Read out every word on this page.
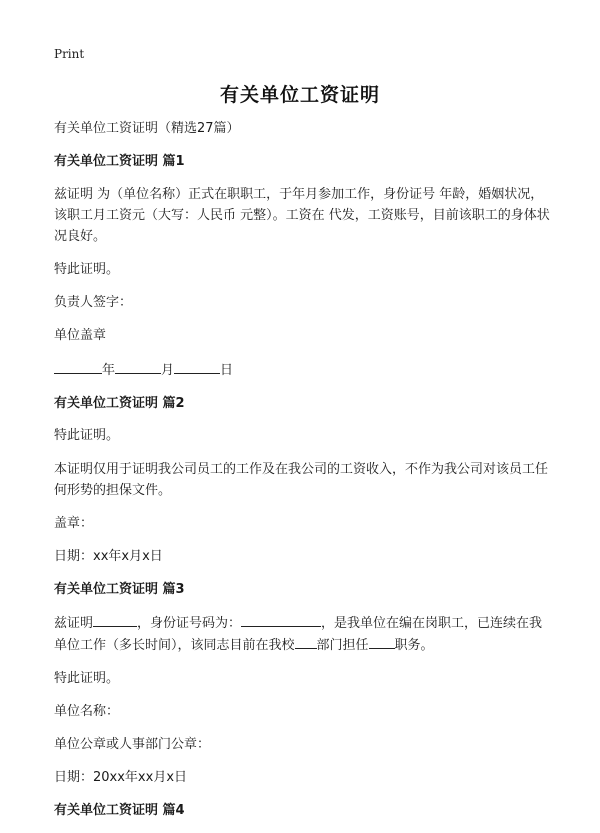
Print
有关单位工资证明
有关单位工资证明（精选27篇）
有关单位工资证明 篇1
兹证明 为（单位名称）正式在职职工，于年月参加工作，身份证号 年龄，婚姻状况，该职工月工资元（大写：人民币 元整）。工资在 代发，工资账号，目前该职工的身体状况良好。
特此证明。
负责人签字：
单位盖章
年	月	日
有关单位工资证明 篇2
特此证明。
本证明仅用于证明我公司员工的工作及在我公司的工资收入，不作为我公司对该员工任何形势的担保文件。
盖章：
日期：xx年x月x日
有关单位工资证明 篇3
兹证明	，身份证号码为：	，是我单位在编在岗职工，已连续在我单位工作（多长时间），该同志目前在我校 部门担任 职务。
特此证明。
单位名称：
单位公章或人事部门公章：
日期：20xx年xx月x日
有关单位工资证明 篇4
